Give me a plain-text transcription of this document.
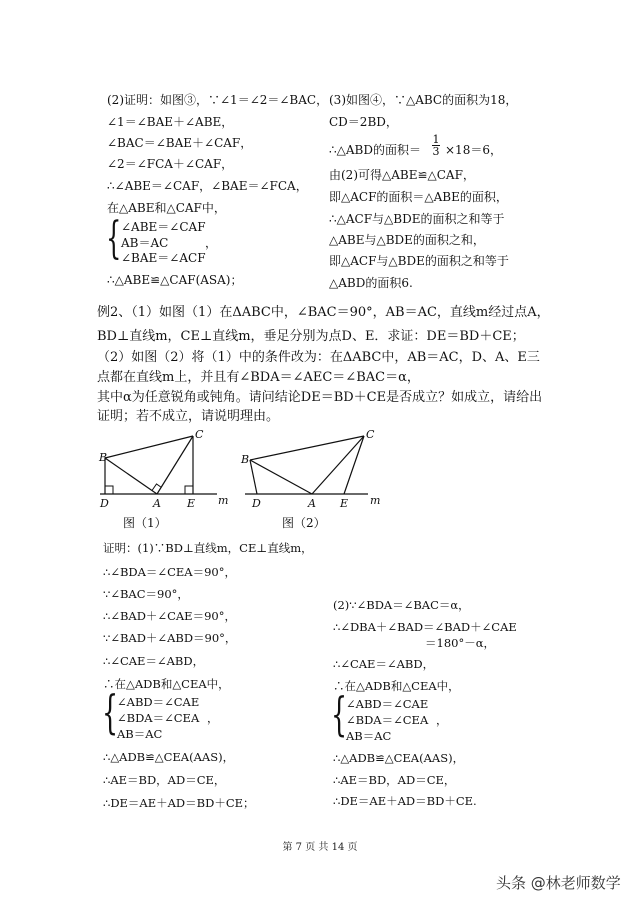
(2)证明：如图③，∵∠1＝∠2＝∠BAC，
∠1＝∠BAE＋∠ABE，
∠BAC＝∠BAE＋∠CAF，
∠2＝∠FCA＋∠CAF，
∴∠ABE＝∠CAF，∠BAE＝∠FCA，
在△ABE和△CAF中，
{ ∠ABE＝∠CAF
AB＝AC	，
∠BAE＝∠ACF
∴△ABE≌△CAF(ASA)；
(3)如图④，∵△ABC的面积为18，
CD＝2BD，
∴△ABD的面积＝
1
3 ×18＝6，
由(2)可得△ABE≌△CAF，
即△ACF的面积＝△ABE的面积，
∴△ACF与△BDE的面积之和等于
△ABE与△BDE的面积之和，
即△ACF与△BDE的面积之和等于
△ABD的面积6.
例2、（1）如图（1）在ΔABC中，∠BAC＝90°，AB＝AC，直线m经过点A，
BD⊥直线m，CE⊥直线m，垂足分别为点D、E．求证：DE＝BD＋CE；
（2）如图（2）将（1）中的条件改为：在ΔABC中，AB＝AC，D、A、E三
点都在直线m上，并且有∠BDA＝∠AEC＝∠BAC＝α，
其中α为任意锐角或钝角。请问结论DE＝BD＋CE是否成立？如成立，请给出
证明；若不成立，请说明理由。
B
C
D	A E m
图（1）
B
C
D	A E m
图（2）
证明：(1)∵BD⊥直线m，CE⊥直线m，
∴∠BDA＝∠CEA＝90°，
∵∠BAC＝90°，
∴∠BAD＋∠CAE＝90°，
∵∠BAD＋∠ABD＝90°，
∴∠CAE＝∠ABD，
∴在△ADB和△CEA中，
{
∠ABD＝∠CAE
∠BDA＝∠CEA ，
AB＝AC
∴△ADB≌△CEA(AAS)，
∴AE＝BD，AD＝CE，
∴DE＝AE＋AD＝BD＋CE；
(2)∵∠BDA＝∠BAC＝α，
∴∠DBA＋∠BAD＝∠BAD＋∠CAE
＝180°－α，
∴∠CAE＝∠ABD，
∴在△ADB和△CEA中，
{
∠ABD＝∠CAE
∠BDA＝∠CEA ，
AB＝AC
∴△ADB≌△CEA(AAS)，
∴AE＝BD，AD＝CE，
∴DE＝AE＋AD＝BD＋CE.
第 7 页 共 14 页
头条 @林老师数学
